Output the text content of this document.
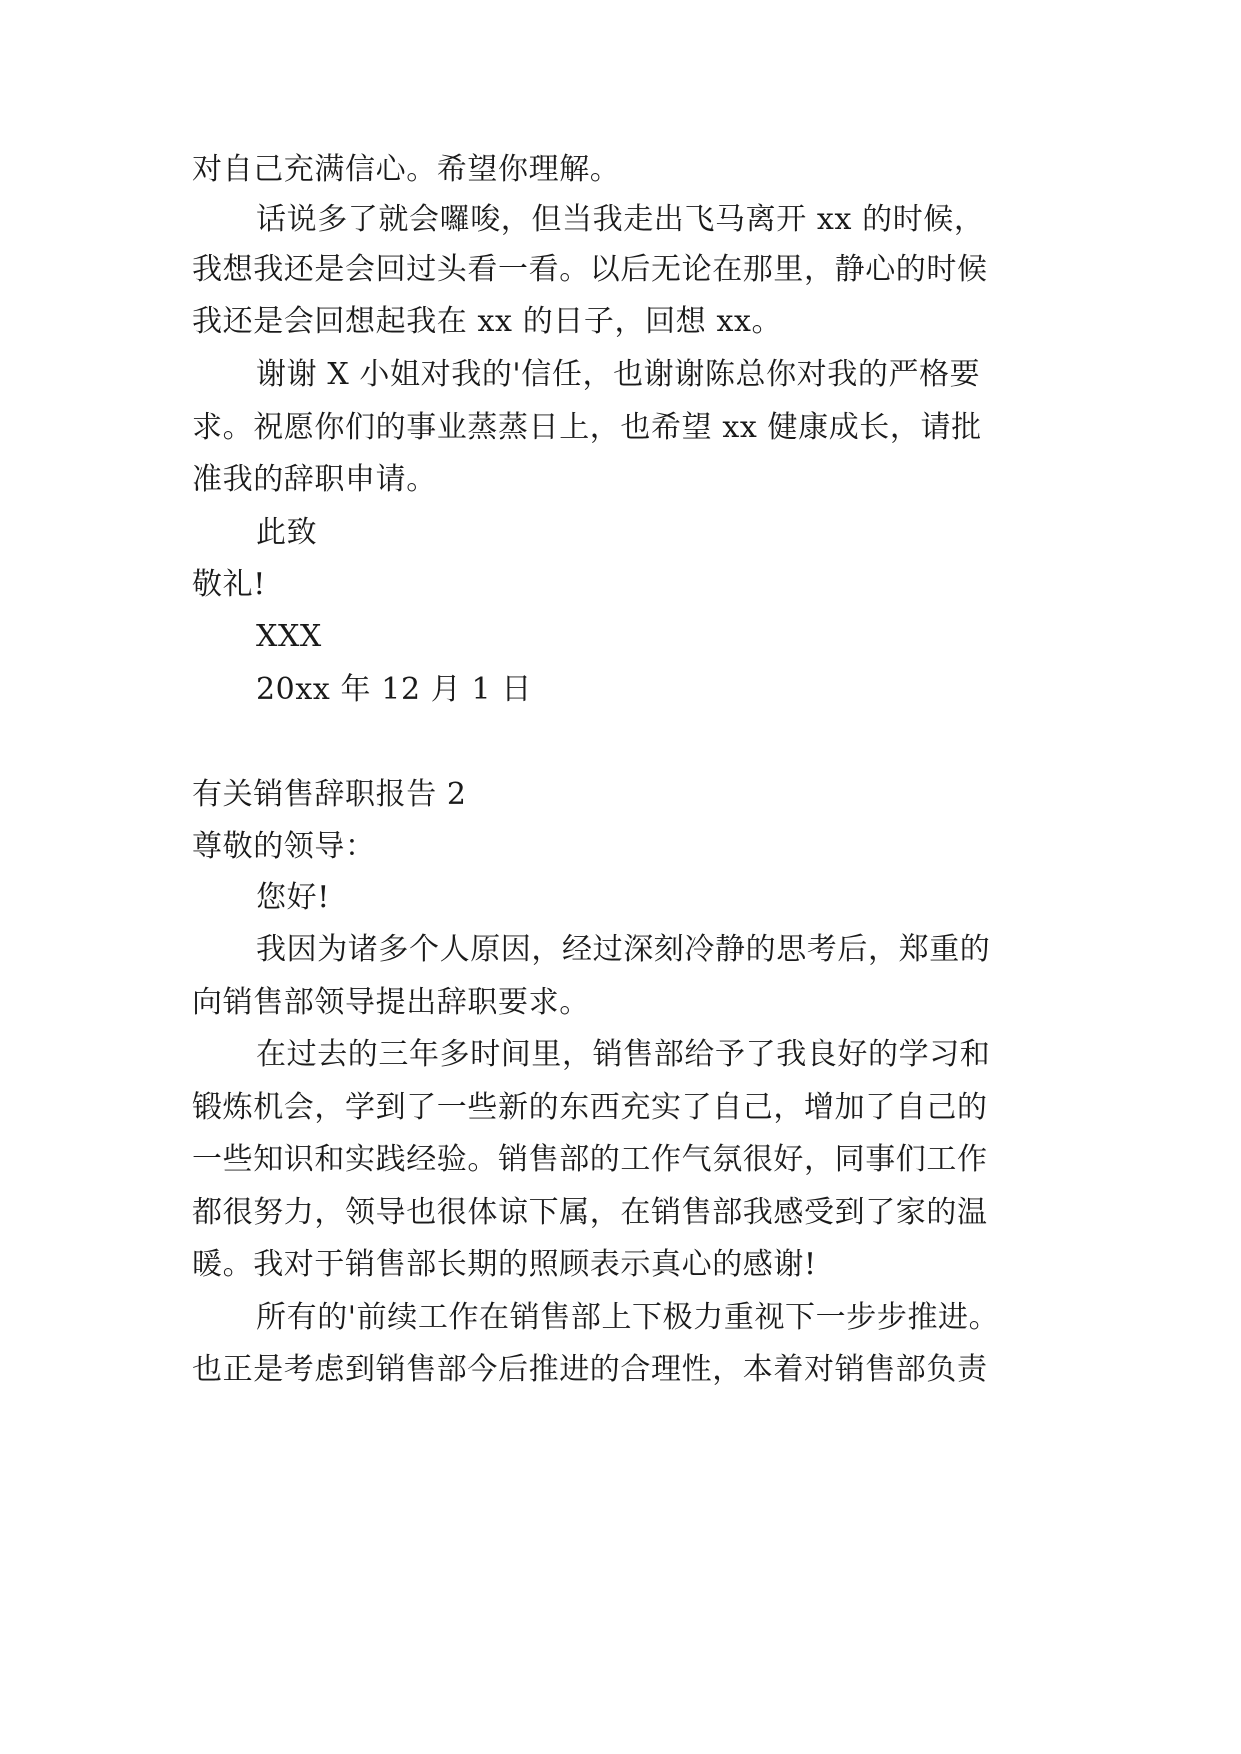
对自己充满信心。希望你理解。
话说多了就会囉唆，但当我走出飞马离开 xx 的时候，
我想我还是会回过头看一看。以后无论在那里，静心的时候
我还是会回想起我在 xx 的日子，回想 xx。
谢谢 X 小姐对我的'信任，也谢谢陈总你对我的严格要
求。祝愿你们的事业蒸蒸日上，也希望 xx 健康成长，请批
准我的辞职申请。
此致
敬礼!
XXX
20xx 年 12 月 1 日
有关销售辞职报告 2
尊敬的领导：
您好!
我因为诸多个人原因，经过深刻冷静的思考后，郑重的
向销售部领导提出辞职要求。
在过去的三年多时间里，销售部给予了我良好的学习和
锻炼机会，学到了一些新的东西充实了自己，增加了自己的
一些知识和实践经验。销售部的工作气氛很好，同事们工作
都很努力，领导也很体谅下属，在销售部我感受到了家的温
暖。我对于销售部长期的照顾表示真心的感谢!
所有的'前续工作在销售部上下极力重视下一步步推进。
也正是考虑到销售部今后推进的合理性，本着对销售部负责
